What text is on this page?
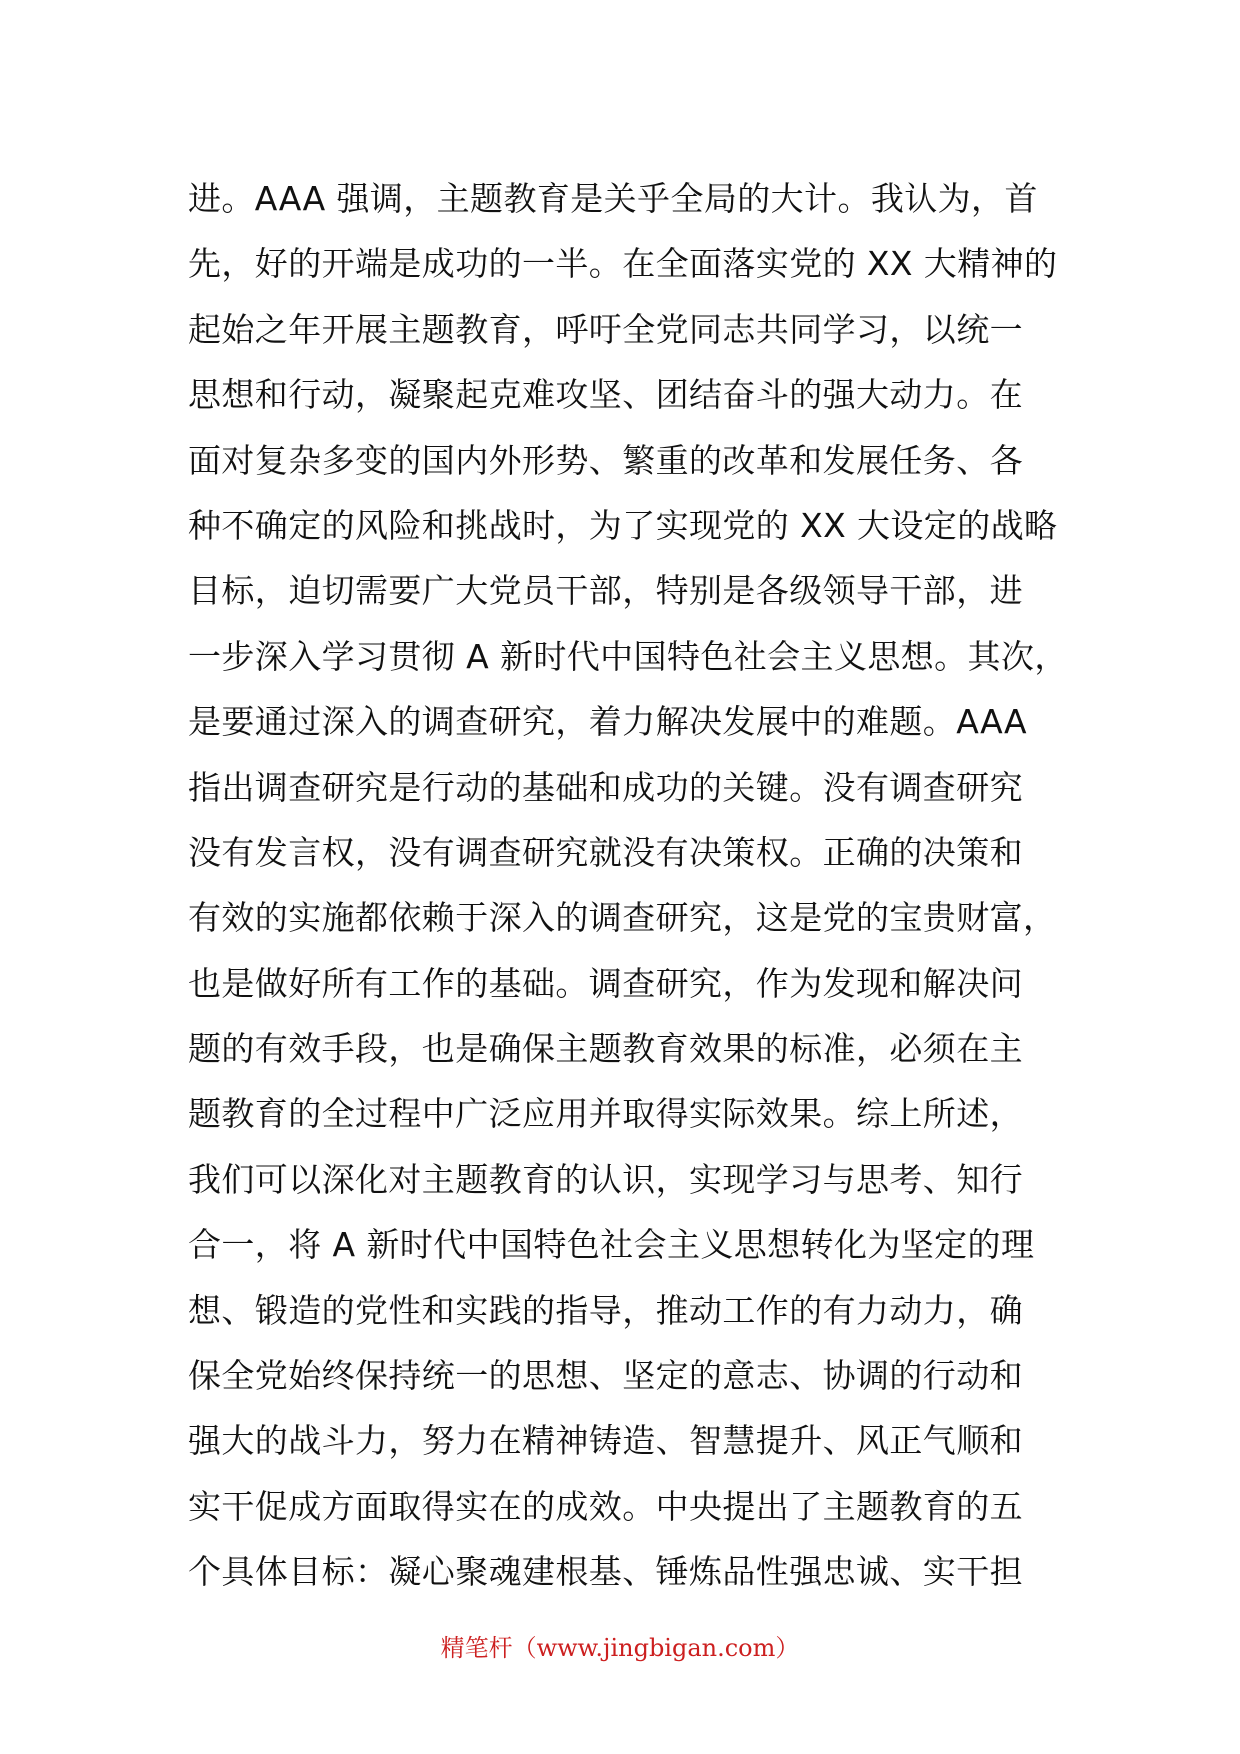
进。AAA 强调，主题教育是关乎全局的大计。我认为，首
先，好的开端是成功的一半。在全面落实党的 XX 大精神的
起始之年开展主题教育，呼吁全党同志共同学习，以统一
思想和行动，凝聚起克难攻坚、团结奋斗的强大动力。在
面对复杂多变的国内外形势、繁重的改革和发展任务、各
种不确定的风险和挑战时，为了实现党的 XX 大设定的战略
目标，迫切需要广大党员干部，特别是各级领导干部，进
一步深入学习贯彻 A 新时代中国特色社会主义思想。其次，
是要通过深入的调查研究，着力解决发展中的难题。AAA
指出调查研究是行动的基础和成功的关键。没有调查研究
没有发言权，没有调查研究就没有决策权。正确的决策和
有效的实施都依赖于深入的调查研究，这是党的宝贵财富，
也是做好所有工作的基础。调查研究，作为发现和解决问
题的有效手段，也是确保主题教育效果的标准，必须在主
题教育的全过程中广泛应用并取得实际效果。综上所述，
我们可以深化对主题教育的认识，实现学习与思考、知行
合一，将 A 新时代中国特色社会主义思想转化为坚定的理
想、锻造的党性和实践的指导，推动工作的有力动力，确
保全党始终保持统一的思想、坚定的意志、协调的行动和
强大的战斗力，努力在精神铸造、智慧提升、风正气顺和
实干促成方面取得实在的成效。中央提出了主题教育的五
个具体目标：凝心聚魂建根基、锤炼品性强忠诚、实干担
精笔杆（www.jingbigan.com）
